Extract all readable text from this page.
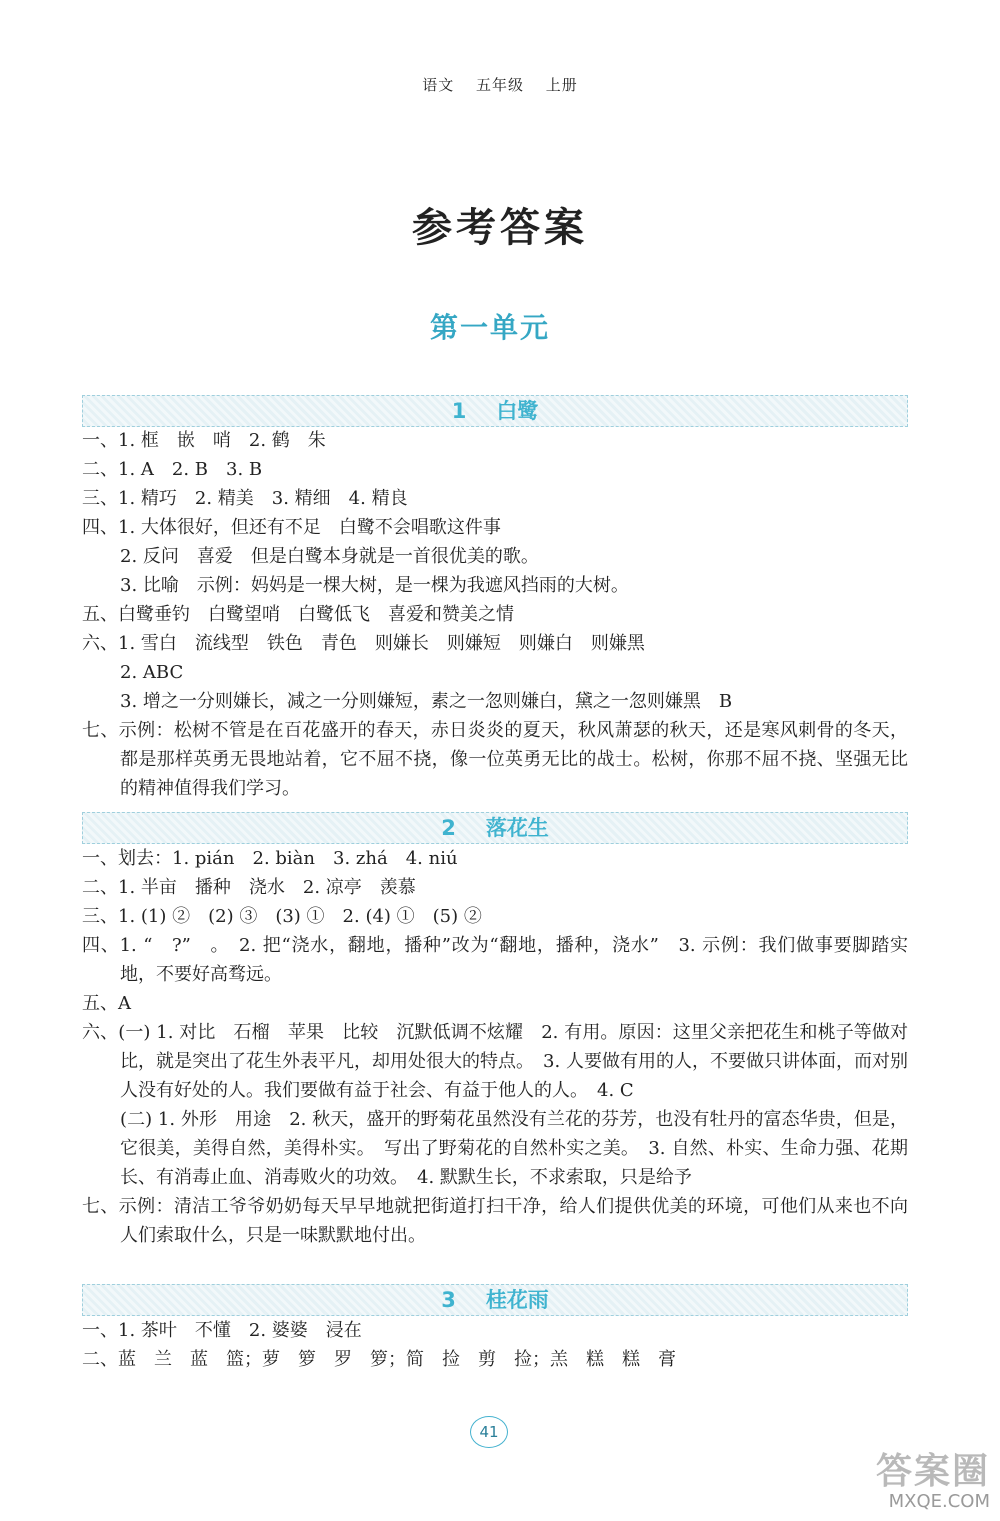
语文 五年级 上册
参考答案
第一单元
1 白鹭
一、1. 框　嵌　哨　2. 鹤　朱
二、1. A　2. B　3. B
三、1. 精巧　2. 精美　3. 精细　4. 精良
四、1. 大体很好，但还有不足　白鹭不会唱歌这件事
2. 反问　喜爱　但是白鹭本身就是一首很优美的歌。
3. 比喻　示例：妈妈是一棵大树，是一棵为我遮风挡雨的大树。
五、白鹭垂钓　白鹭望哨　白鹭低飞　喜爱和赞美之情
六、1. 雪白　流线型　铁色　青色　则嫌长　则嫌短　则嫌白　则嫌黑
2. ABC
3. 增之一分则嫌长，减之一分则嫌短，素之一忽则嫌白，黛之一忽则嫌黑　B
七、示例：松树不管是在百花盛开的春天，赤日炎炎的夏天，秋风萧瑟的秋天，还是寒风刺骨的冬天，都是那样英勇无畏地站着，它不屈不挠，像一位英勇无比的战士。松树，你那不屈不挠、坚强无比的精神值得我们学习。
2 落花生
一、划去：1. pián　2. biàn　3. zhá　4. niú
二、1. 半亩　播种　浇水　2. 凉亭　羡慕
三、1. (1) ②　(2) ③　(3) ①　2. (4) ①　(5) ②
四、1. “　?”　。　2. 把“浇水，翻地，播种”改为“翻地，播种，浇水”　3. 示例：我们做事要脚踏实地，不要好高骛远。
五、A
六、(一) 1. 对比　石榴　苹果　比较　沉默低调不炫耀　2. 有用。原因：这里父亲把花生和桃子等做对比，就是突出了花生外表平凡，却用处很大的特点。　3. 人要做有用的人，不要做只讲体面，而对别人没有好处的人。我们要做有益于社会、有益于他人的人。　4. C
(二) 1. 外形　用途　2. 秋天，盛开的野菊花虽然没有兰花的芬芳，也没有牡丹的富态华贵，但是，它很美，美得自然，美得朴实。　写出了野菊花的自然朴实之美。　3. 自然、朴实、生命力强、花期长、有消毒止血、消毒败火的功效。　4. 默默生长，不求索取，只是给予
七、示例：清洁工爷爷奶奶每天早早地就把街道打扫干净，给人们提供优美的环境，可他们从来也不向人们索取什么，只是一味默默地付出。
3 桂花雨
一、1. 茶叶　不懂　2. 婆婆　浸在
二、蓝　兰　蓝　篮；萝　箩　罗　箩；简　捡　剪　捡；羔　糕　糕　膏
41
答案圈
MXQE.COM
